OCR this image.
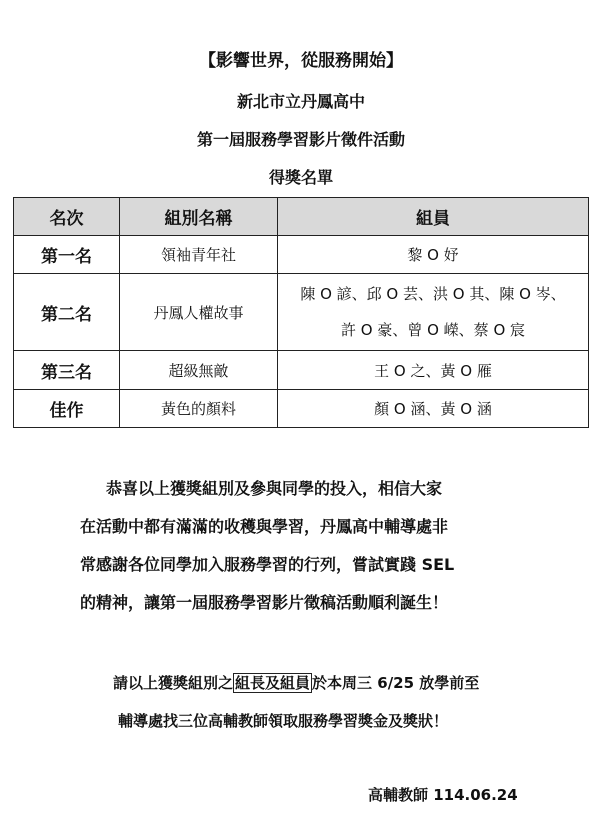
【影響世界，從服務開始】
新北市立丹鳳高中
第一屆服務學習影片徵件活動
得獎名單
名次	組別名稱	組員
第一名	領袖青年社	黎 O 妤
第二名	丹鳳人權故事	陳 O 諺、邱 O 芸、洪 O 其、陳 O 岑、
許 O 豪、曾 O 嶸、蔡 O 宸

第三名	超級無敵	王 O 之、黃 O 雁
佳作	黃色的顏料	顏 O 涵、黃 O 涵

恭喜以上獲獎組別及參與同學的投入，相信大家

在活動中都有滿滿的收穫與學習，丹鳳高中輔導處非

常感謝各位同學加入服務學習的行列，嘗試實踐 SEL

的精神，讓第一屆服務學習影片徵稿活動順利誕生！

請以上獲獎組別之 組長及組員 於本周三 6/25 放學前至

輔導處找三位高輔教師領取服務學習獎金及獎狀！

高輔教師 114.06.24
